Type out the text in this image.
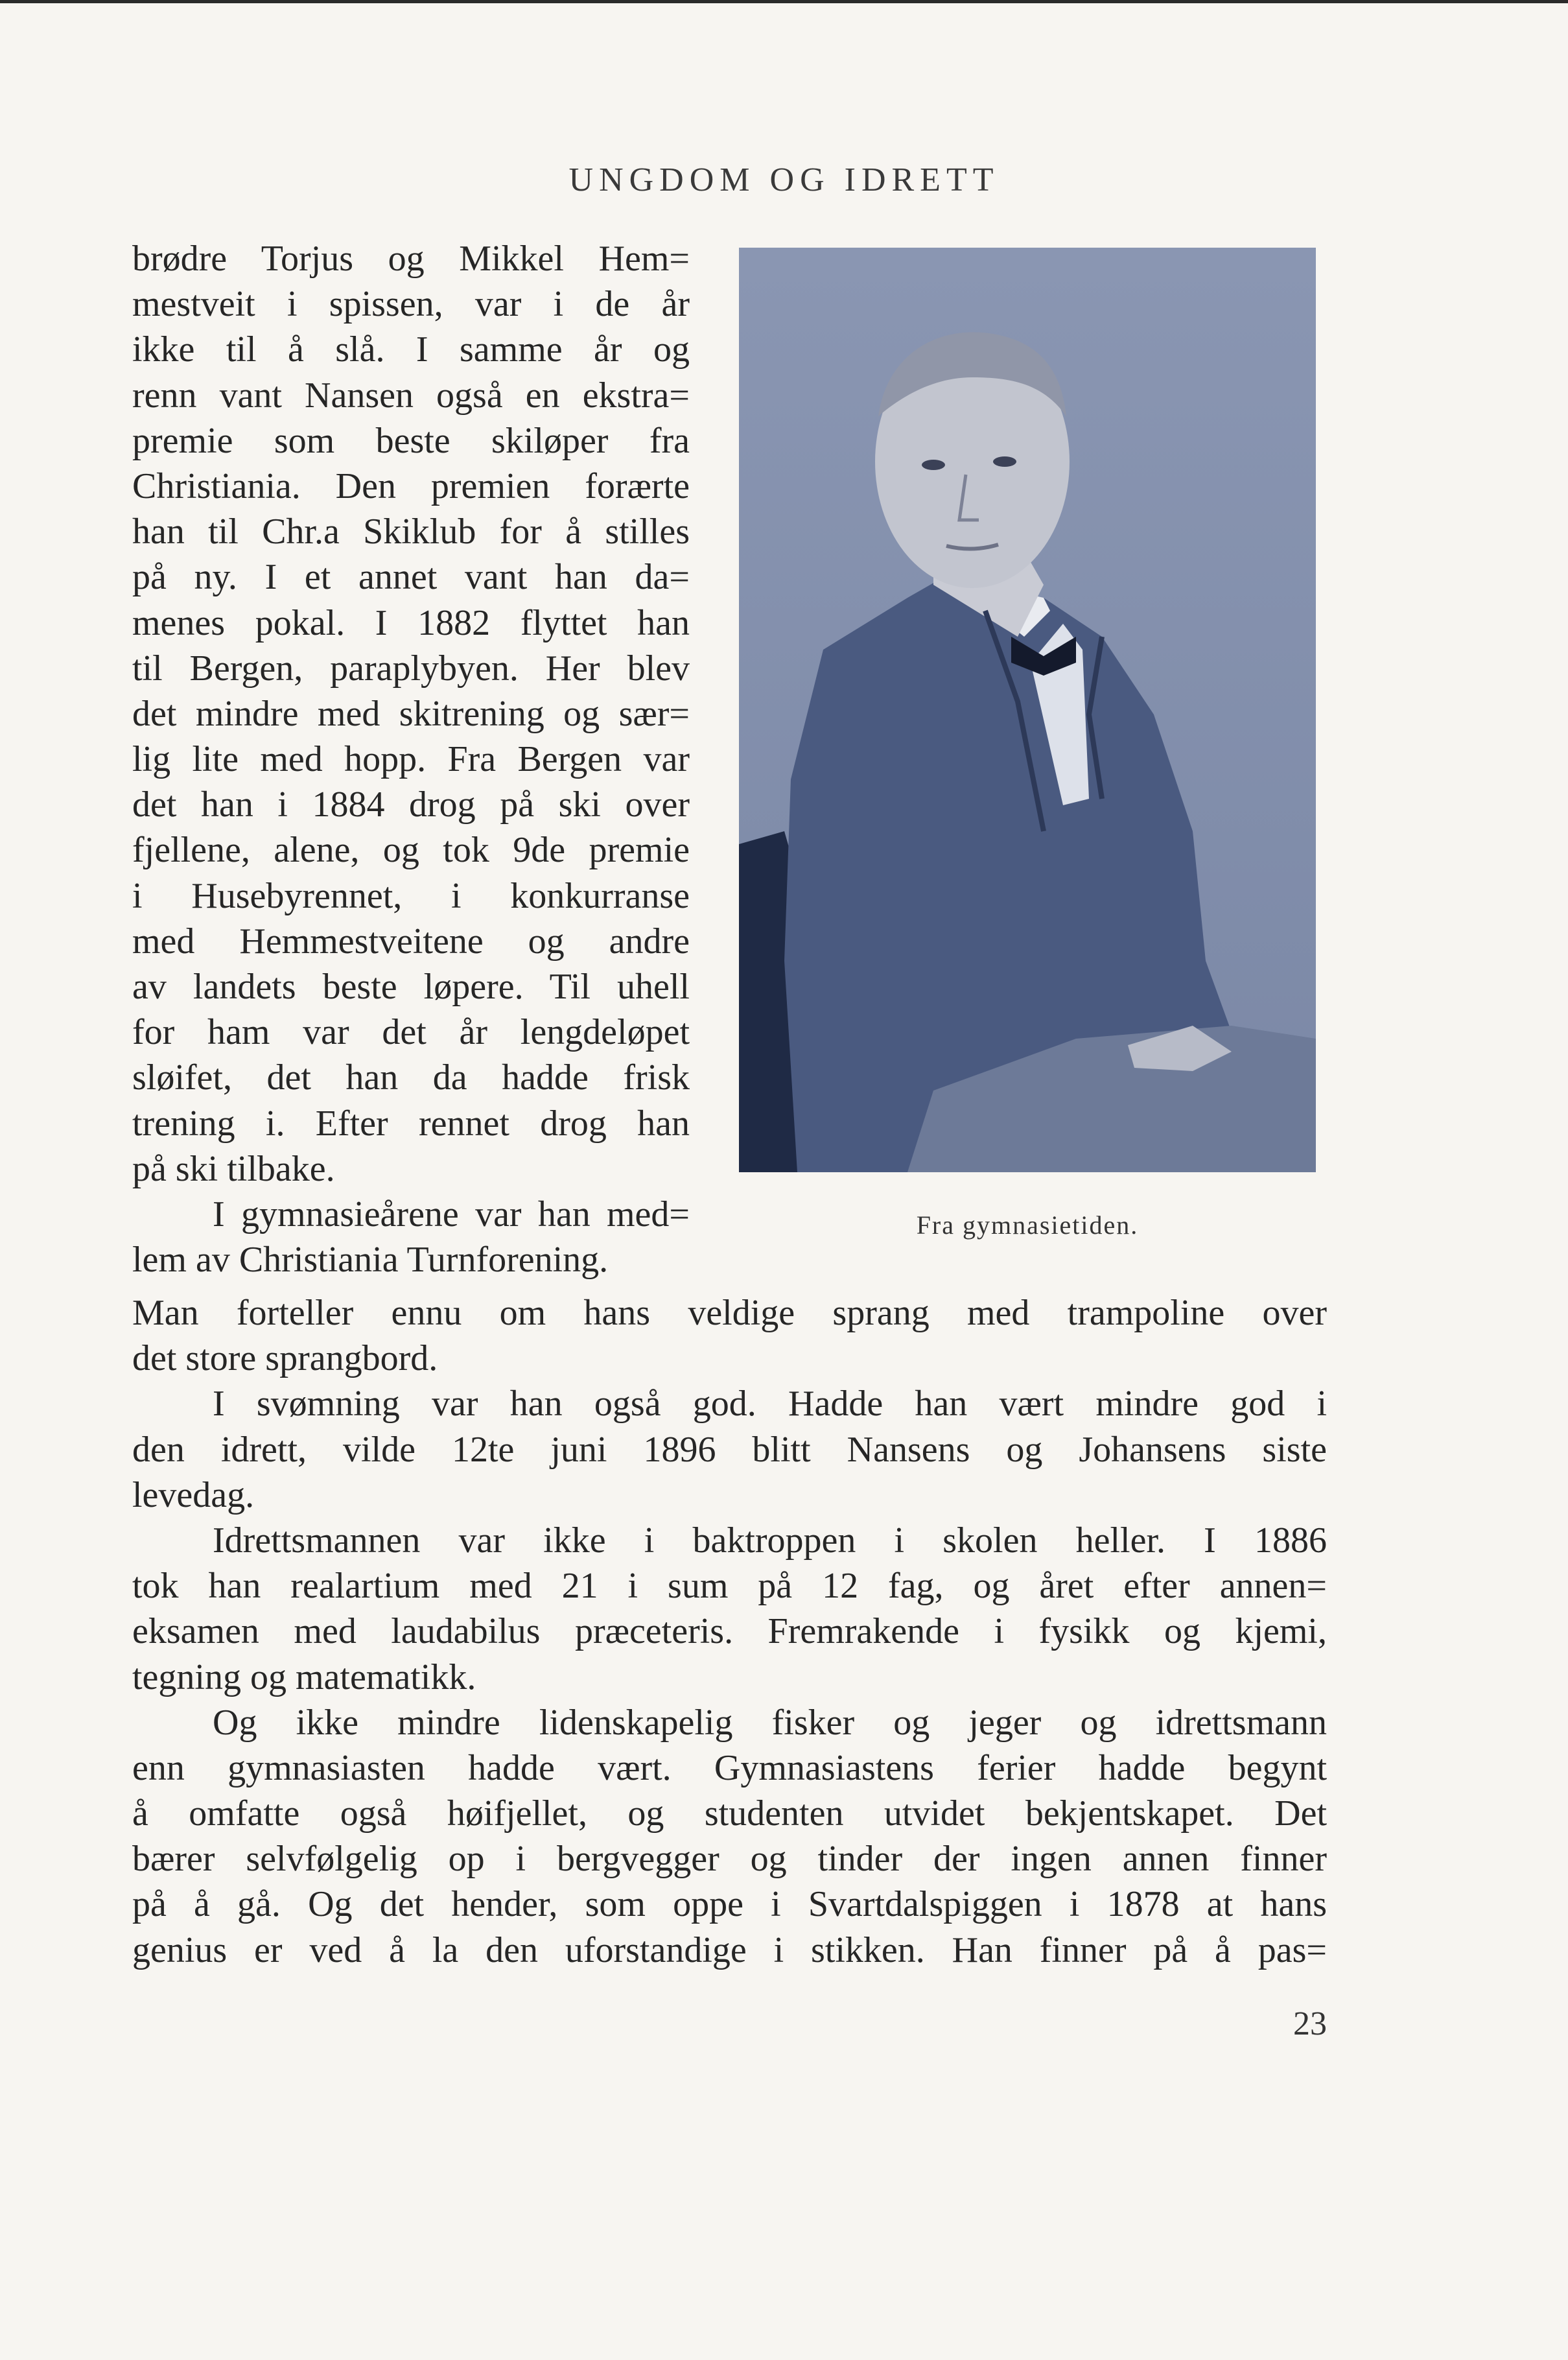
UNGDOM OG IDRETT
brødre Torjus og Mikkel Hem=
mestveit i spissen, var i de år
ikke til å slå. I samme år og
renn vant Nansen også en ekstra=
premie som beste skiløper fra
Christiania. Den premien forærte
han til Chr.a Skiklub for å stilles
på ny. I et annet vant han da=
menes pokal. I 1882 flyttet han
til Bergen, paraplybyen. Her blev
det mindre med skitrening og sær=
lig lite med hopp. Fra Bergen var
det han i 1884 drog på ski over
fjellene, alene, og tok 9de premie
i Husebyrennet, i konkurranse
med Hemmestveitene og andre
av landets beste løpere. Til uhell
for ham var det år lengdeløpet
sløifet, det han da hadde frisk
trening i. Efter rennet drog han
på ski tilbake.
I gymnasieårene var han med=
lem av Christiania Turnforening.
Man forteller ennu om hans veldige sprang med trampoline over
det store sprangbord.
I svømning var han også god. Hadde han vært mindre god i
den idrett, vilde 12te juni 1896 blitt Nansens og Johansens siste
levedag.
Idrettsmannen var ikke i baktroppen i skolen heller. I 1886
tok han realartium med 21 i sum på 12 fag, og året efter annen=
eksamen med laudabilus præceteris. Fremrakende i fysikk og kjemi,
tegning og matematikk.
Og ikke mindre lidenskapelig fisker og jeger og idrettsmann
enn gymnasiasten hadde vært. Gymnasiastens ferier hadde begynt
å omfatte også høifjellet, og studenten utvidet bekjentskapet. Det
bærer selvfølgelig op i bergvegger og tinder der ingen annen finner
på å gå. Og det hender, som oppe i Svartdalspiggen i 1878 at hans
genius er ved å la den uforstandige i stikken. Han finner på å pas=
Fra gymnasietiden.
23
